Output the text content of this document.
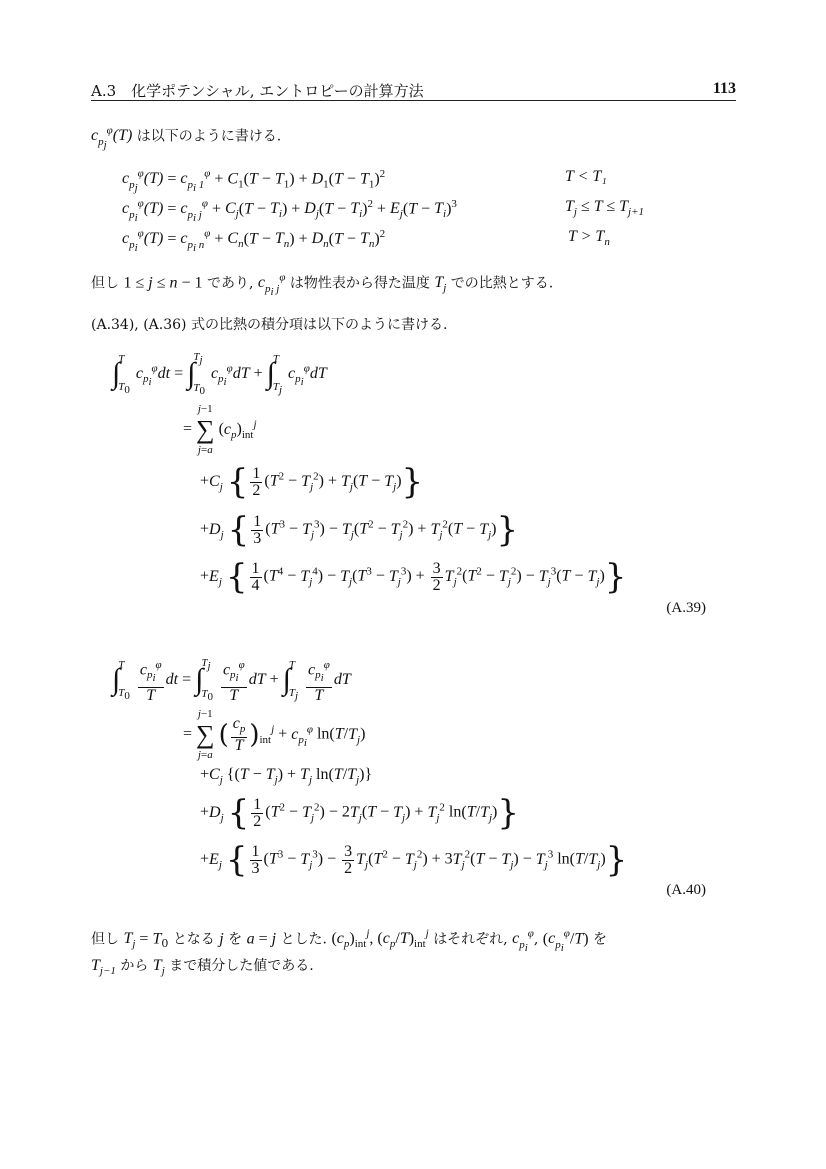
A.3　化学ポテンシャル, エントロピーの計算方法	113
$c_{p_j}^\varphi(T)$ は以下のように書ける.
$c_{p_j}^\varphi(T) = c_{p_i 1}^\varphi + C_1(T - T_1) + D_1(T - T_1)^2$	T < T₁
$c_{p_i}^\varphi(T) = c_{p_i j}^\varphi + C_j(T - T_i) + D_j(T - T_i)^2 + E_j(T - T_i)^3$	$T_j \le T \le T_{j+1}$
$c_{p_i}^\varphi(T) = c_{p_i n}^\varphi + C_n(T - T_n) + D_n(T - T_n)^2$	$T > T_n$
但し 1 ≤ j ≤ n − 1 であり, $c_{p_i j}^\varphi$ は物性表から得た温度 $T_j$ での比熱とする.
(A.34), (A.36) 式の比熱の積分項は以下のように書ける.
∫T

$T_0$ $c_{p_i}^\varphi dt = \int T_j$

$T_0$ $c_{p_i}^\varphi dT + \int T$

$T_j$ $c_{p_i}^\varphi dT$
=
j−1
∑
j=a
$(c_p)_{int}^j$
$+C_j$ { $\frac{1}{2} (T^2 - T_j^2) + T_j(T - T_j)$}
$+D_j$ { $\frac{1}{3} (T^3 - T_j^3) - T_j(T^2 - T_j^2) + T_j^2(T - T_j)$}
$+E_j$ { $\frac{1}{4} (T^4 - T_j^4) - T_j(T^3 - T_j^3) + \frac{3}{2} T_j^2(T^2 - T_j^2) - T_j^3(T - T_j)$}
(A.39)
∫T

$T_0 \frac{c_{p_i}^\varphi}{T}$ dt = $\int T_j$

$T_0 \frac{c_{p_i}^\varphi}{T}$ dT + ∫T

$T_j \frac{c_{p_i}^\varphi}{T}$ dT
=
j−1
∑
j=a
( $\frac{c_p}{T} )_{int}^j + c_{p_i}^\varphi$ $\ln(T/T_j)$
$+C_j$ {$(T - T_j) + T_j$ $\ln(T/T_j)$}
$+D_j$ { $\frac{1}{2} (T^2 - T_j^2) - 2T_j(T - T_j) + T_j^2$ $\ln(T/T_j)$}
$+E_j$ { $\frac{1}{3} (T^3 - T_j^3) - \frac{3}{2} T_j(T^2 - T_j^2) + 3T_j^2(T - T_j) - T_j^3$ $\ln(T/T_j)$}
(A.40)
但し $T_j = T_0$ となる j を a = j とした. $(c_p)_{int}^j$, $(c_p/T)_{int}^j$ はそれぞれ, $c_{p_i}^\varphi$, $(c_{p_i}^\varphi/T)$ を
$T_{j-1}$ から $T_j$ まで積分した値である.
